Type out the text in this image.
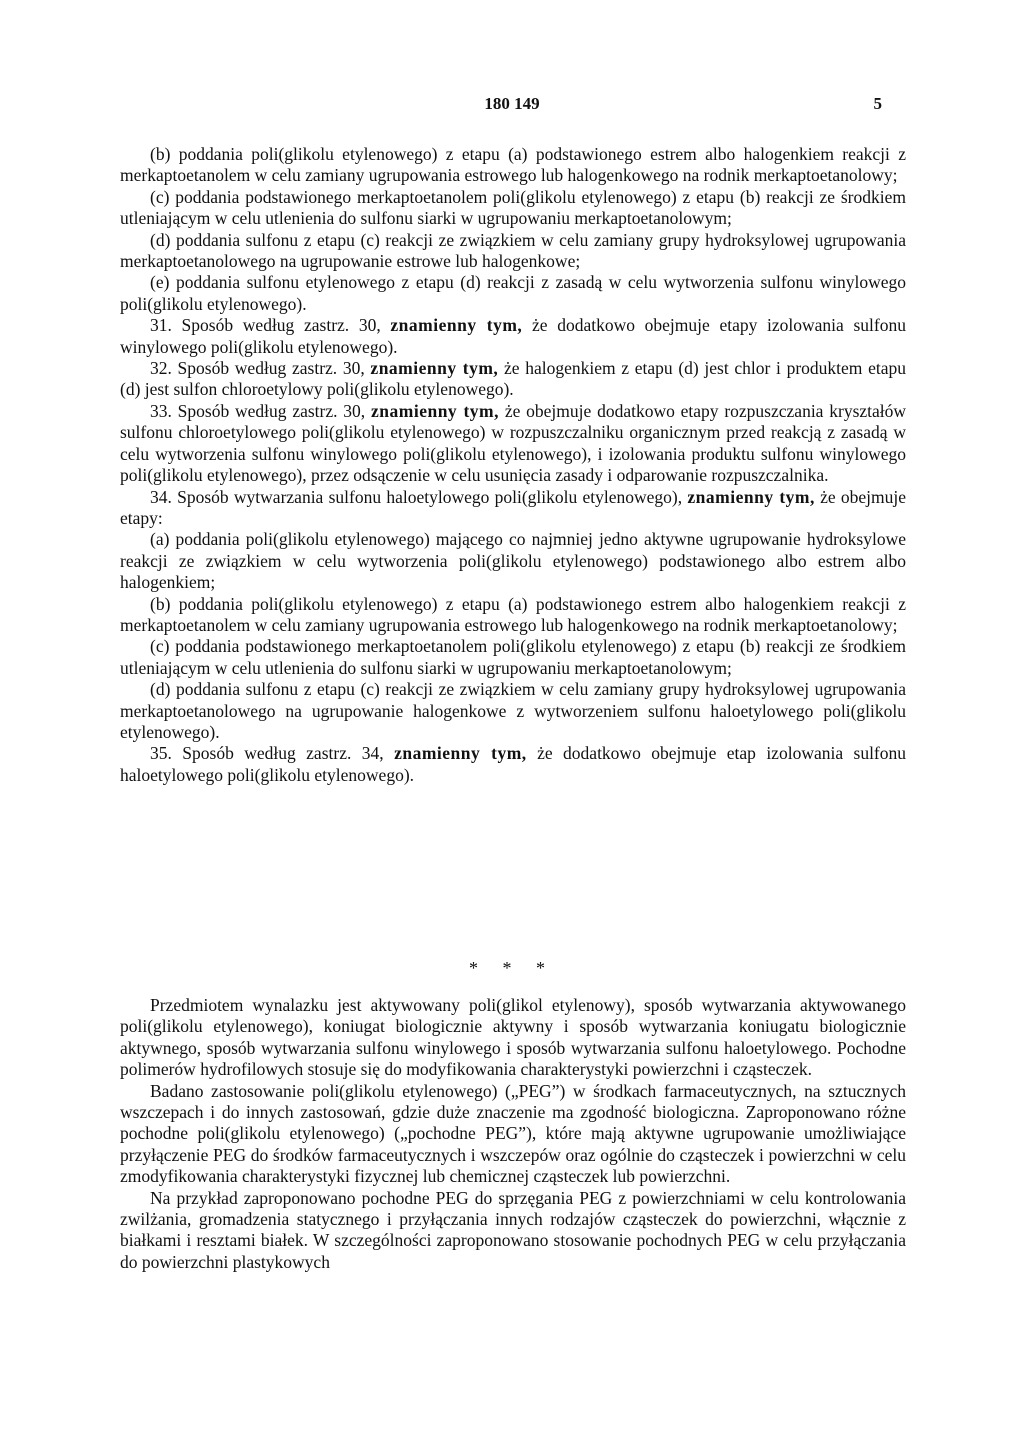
180 149	5

(b) poddania poli(glikolu etylenowego) z etapu (a) podstawionego estrem albo halogenkiem reakcji z merkaptoetanolem w celu zamiany ugrupowania estrowego lub halogenkowego na rodnik merkaptoetanolowy;

(c) poddania podstawionego merkaptoetanolem poli(glikolu etylenowego) z etapu (b) reakcji ze środkiem utleniającym w celu utlenienia do sulfonu siarki w ugrupowaniu merkaptoetanolowym;

(d) poddania sulfonu z etapu (c) reakcji ze związkiem w celu zamiany grupy hydroksylowej ugrupowania merkaptoetanolowego na ugrupowanie estrowe lub halogenkowe;

(e) poddania sulfonu etylenowego z etapu (d) reakcji z zasadą w celu wytworzenia sulfonu winylowego poli(glikolu etylenowego).

31. Sposób według zastrz. 30, znamienny tym, że dodatkowo obejmuje etapy izolowania sulfonu winylowego poli(glikolu etylenowego).

32. Sposób według zastrz. 30, znamienny tym, że halogenkiem z etapu (d) jest chlor i produktem etapu (d) jest sulfon chloroetylowy poli(glikolu etylenowego).

33. Sposób według zastrz. 30, znamienny tym, że obejmuje dodatkowo etapy rozpuszczania kryształów sulfonu chloroetylowego poli(glikolu etylenowego) w rozpuszczalniku organicznym przed reakcją z zasadą w celu wytworzenia sulfonu winylowego poli(glikolu etylenowego), i izolowania produktu sulfonu winylowego poli(glikolu etylenowego), przez odsączenie w celu usunięcia zasady i odparowanie rozpuszczalnika.

34. Sposób wytwarzania sulfonu haloetylowego poli(glikolu etylenowego), znamienny tym, że obejmuje etapy:

(a) poddania poli(glikolu etylenowego) mającego co najmniej jedno aktywne ugrupowanie hydroksylowe reakcji ze związkiem w celu wytworzenia poli(glikolu etylenowego) podstawionego albo estrem albo halogenkiem;

(b) poddania poli(glikolu etylenowego) z etapu (a) podstawionego estrem albo halogenkiem reakcji z merkaptoetanolem w celu zamiany ugrupowania estrowego lub halogenkowego na rodnik merkaptoetanolowy;

(c) poddania podstawionego merkaptoetanolem poli(glikolu etylenowego) z etapu (b) reakcji ze środkiem utleniającym w celu utlenienia do sulfonu siarki w ugrupowaniu merkaptoetanolowym;

(d) poddania sulfonu z etapu (c) reakcji ze związkiem w celu zamiany grupy hydroksylowej ugrupowania merkaptoetanolowego na ugrupowanie halogenkowe z wytworzeniem sulfonu haloetylowego poli(glikolu etylenowego).

35. Sposób według zastrz. 34, znamienny tym, że dodatkowo obejmuje etap izolowania sulfonu haloetylowego poli(glikolu etylenowego).

* * *

Przedmiotem wynalazku jest aktywowany poli(glikol etylenowy), sposób wytwarzania aktywowanego poli(glikolu etylenowego), koniugat biologicznie aktywny i sposób wytwarzania koniugatu biologicznie aktywnego, sposób wytwarzania sulfonu winylowego i sposób wytwarzania sulfonu haloetylowego. Pochodne polimerów hydrofilowych stosuje się do modyfikowania charakterystyki powierzchni i cząsteczek.

Badano zastosowanie poli(glikolu etylenowego) („PEG”) w środkach farmaceutycznych, na sztucznych wszczepach i do innych zastosowań, gdzie duże znaczenie ma zgodność biologiczna. Zaproponowano różne pochodne poli(glikolu etylenowego) („pochodne PEG”), które mają aktywne ugrupowanie umożliwiające przyłączenie PEG do środków farmaceutycznych i wszczepów oraz ogólnie do cząsteczek i powierzchni w celu zmodyfikowania charakterystyki fizycznej lub chemicznej cząsteczek lub powierzchni.

Na przykład zaproponowano pochodne PEG do sprzęgania PEG z powierzchniami w celu kontrolowania zwilżania, gromadzenia statycznego i przyłączania innych rodzajów cząsteczek do powierzchni, włącznie z białkami i resztami białek. W szczególności zaproponowano stosowanie pochodnych PEG w celu przyłączania do powierzchni plastykowych
